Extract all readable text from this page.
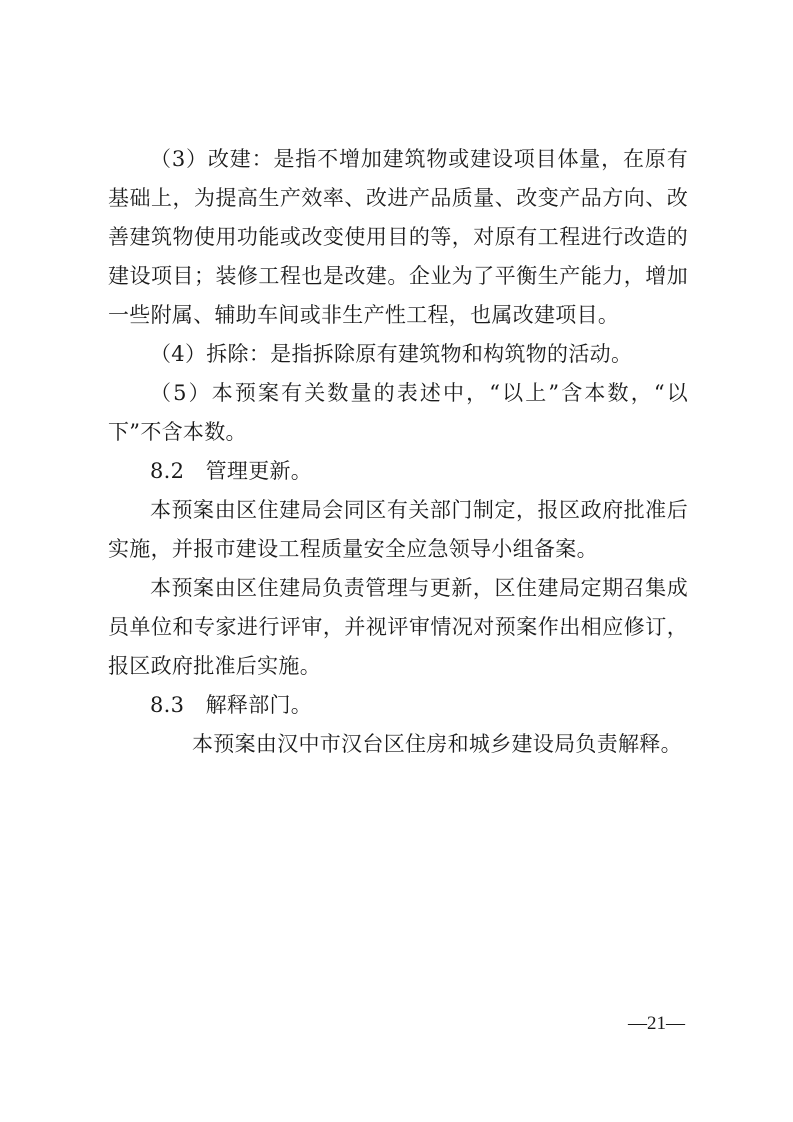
（3）改建：是指不增加建筑物或建设项目体量，在原有基础上，为提高生产效率、改进产品质量、改变产品方向、改善建筑物使用功能或改变使用目的等，对原有工程进行改造的建设项目；装修工程也是改建。企业为了平衡生产能力，增加一些附属、辅助车间或非生产性工程，也属改建项目。

（4）拆除：是指拆除原有建筑物和构筑物的活动。

（5）本预案有关数量的表述中，“以上”含本数，“以下”不含本数。

8.2　管理更新。

本预案由区住建局会同区有关部门制定，报区政府批准后实施，并报市建设工程质量安全应急领导小组备案。

本预案由区住建局负责管理与更新，区住建局定期召集成员单位和专家进行评审，并视评审情况对预案作出相应修订，报区政府批准后实施。

8.3　解释部门。

本预案由汉中市汉台区住房和城乡建设局负责解释。

—21—
